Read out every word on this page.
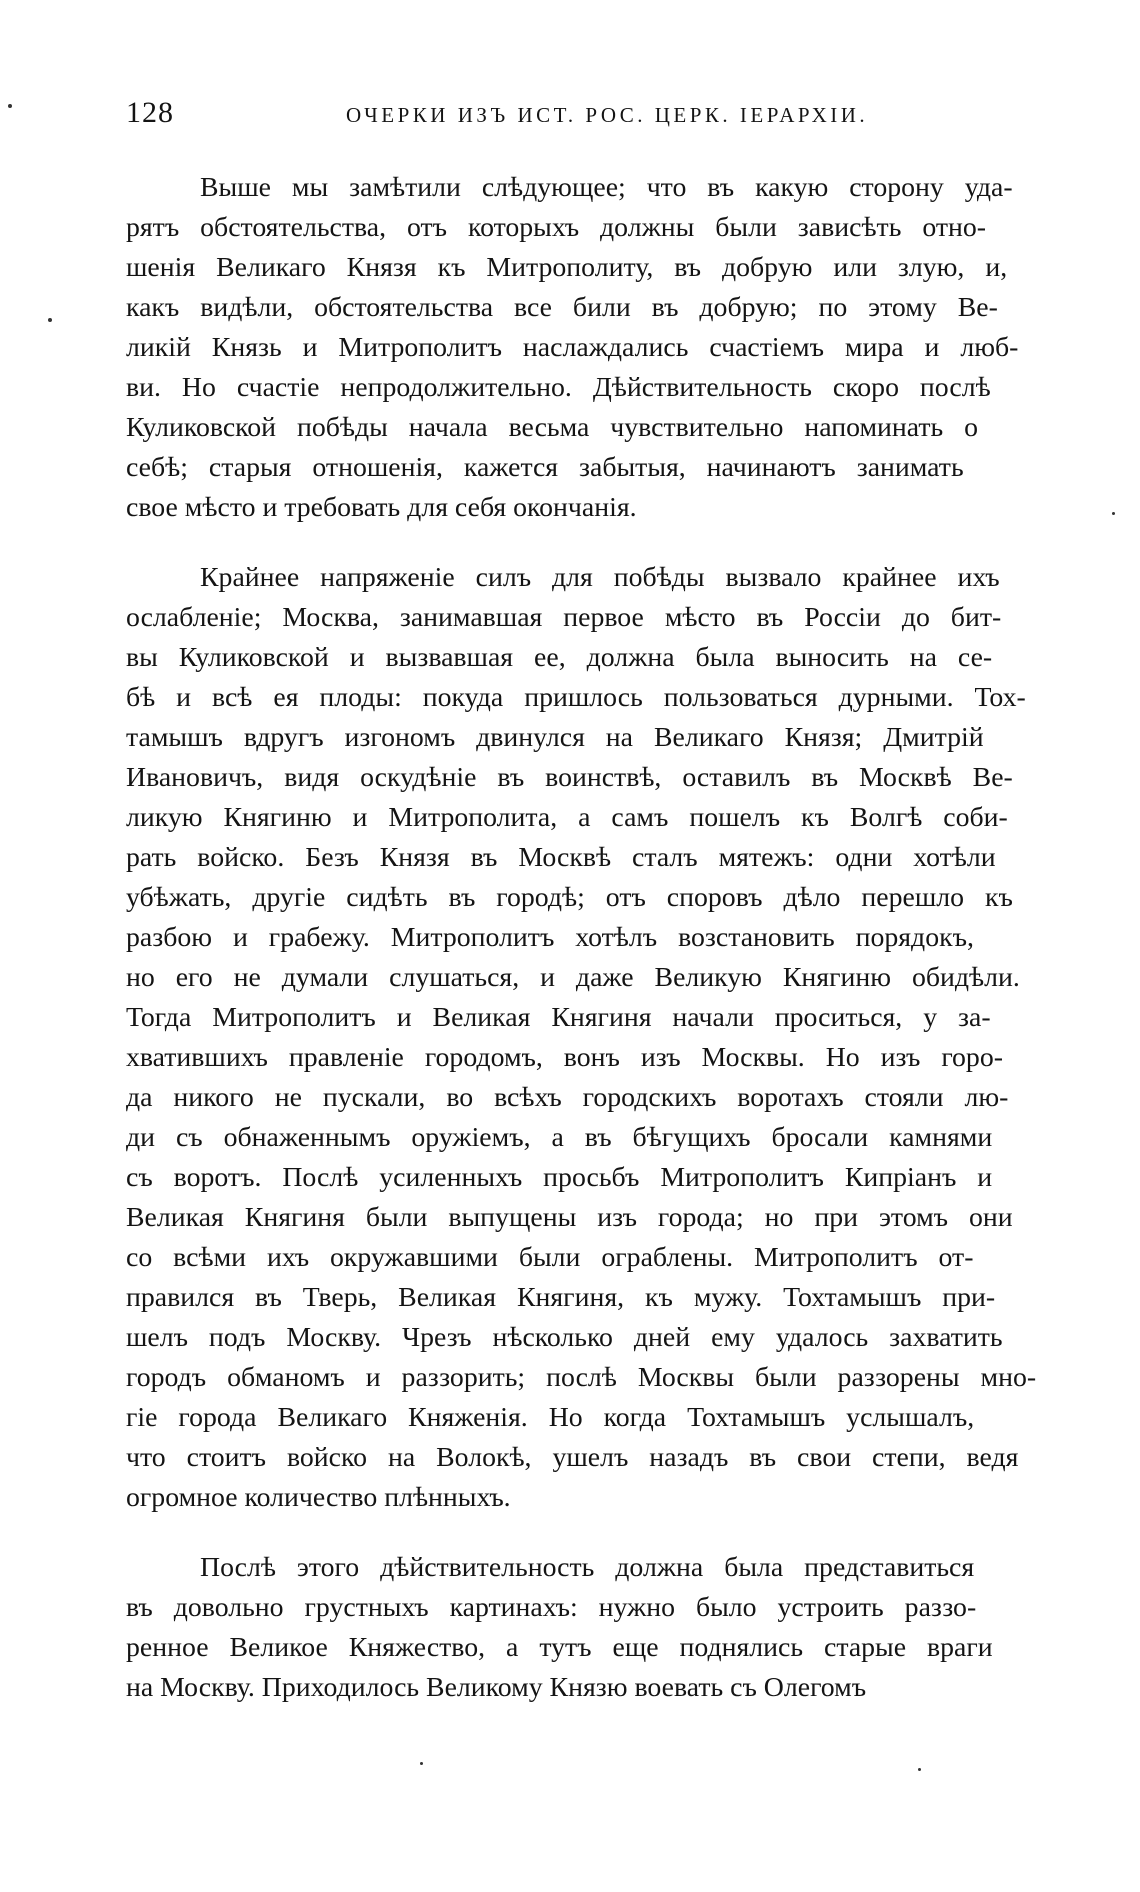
128	ОЧЕРКИ ИЗЪ ИСТ. РОС. ЦЕРК. ІЕРАРХІИ.
Выше мы замѣтили слѣдующее; что въ какую сторону уда-
рятъ обстоятельства, отъ которыхъ должны были зависѣть отно-
шенія Великаго Князя къ Митрополиту, въ добрую или злую, и,
какъ видѣли, обстоятельства все били въ добрую; по этому Ве-
ликій Князь и Митрополитъ наслаждались счастіемъ мира и люб-
ви. Но счастіе непродолжительно. Дѣйствительность скоро послѣ
Куликовской побѣды начала весьма чувствительно напоминать о
себѣ; старыя отношенія, кажется забытыя, начинаютъ занимать
свое мѣсто и требовать для себя окончанія.
Крайнее напряженіе силъ для побѣды вызвало крайнее ихъ
ослабленіе; Москва, занимавшая первое мѣсто въ Россіи до бит-
вы Куликовской и вызвавшая ее, должна была выносить на се-
бѣ и всѣ ея плоды: покуда пришлось пользоваться дурными. Тох-
тамышъ вдругъ изгономъ двинулся на Великаго Князя; Дмитрій
Ивановичъ, видя оскудѣніе въ воинствѣ, оставилъ въ Москвѣ Ве-
ликую Княгиню и Митрополита, а самъ пошелъ къ Волгѣ соби-
рать войско. Безъ Князя въ Москвѣ сталъ мятежъ: одни хотѣли
убѣжать, другіе сидѣть въ городѣ; отъ споровъ дѣло перешло къ
разбою и грабежу. Митрополитъ хотѣлъ возстановить порядокъ,
но его не думали слушаться, и даже Великую Княгиню обидѣли.
Тогда Митрополитъ и Великая Княгиня начали проситься, у за-
хватившихъ правленіе городомъ, вонъ изъ Москвы. Но изъ горо-
да никого не пускали, во всѣхъ городскихъ воротахъ стояли лю-
ди съ обнаженнымъ оружіемъ, а въ бѣгущихъ бросали камнями
съ воротъ. Послѣ усиленныхъ просьбъ Митрополитъ Кипріанъ и
Великая Княгиня были выпущены изъ города; но при этомъ они
со всѣми ихъ окружавшими были ограблены. Митрополитъ от-
правился въ Тверь, Великая Княгиня, къ мужу. Тохтамышъ при-
шелъ подъ Москву. Чрезъ нѣсколько дней ему удалось захватить
городъ обманомъ и раззорить; послѣ Москвы были раззорены мно-
гіе города Великаго Княженія. Но когда Тохтамышъ услышалъ,
что стоитъ войско на Волокѣ, ушелъ назадъ въ свои степи, ведя
огромное количество плѣнныхъ.
Послѣ этого дѣйствительность должна была представиться
въ довольно грустныхъ картинахъ: нужно было устроить раззо-
ренное Великое Княжество, а тутъ еще поднялись старые враги
на Москву. Приходилось Великому Князю воевать съ Олегомъ
